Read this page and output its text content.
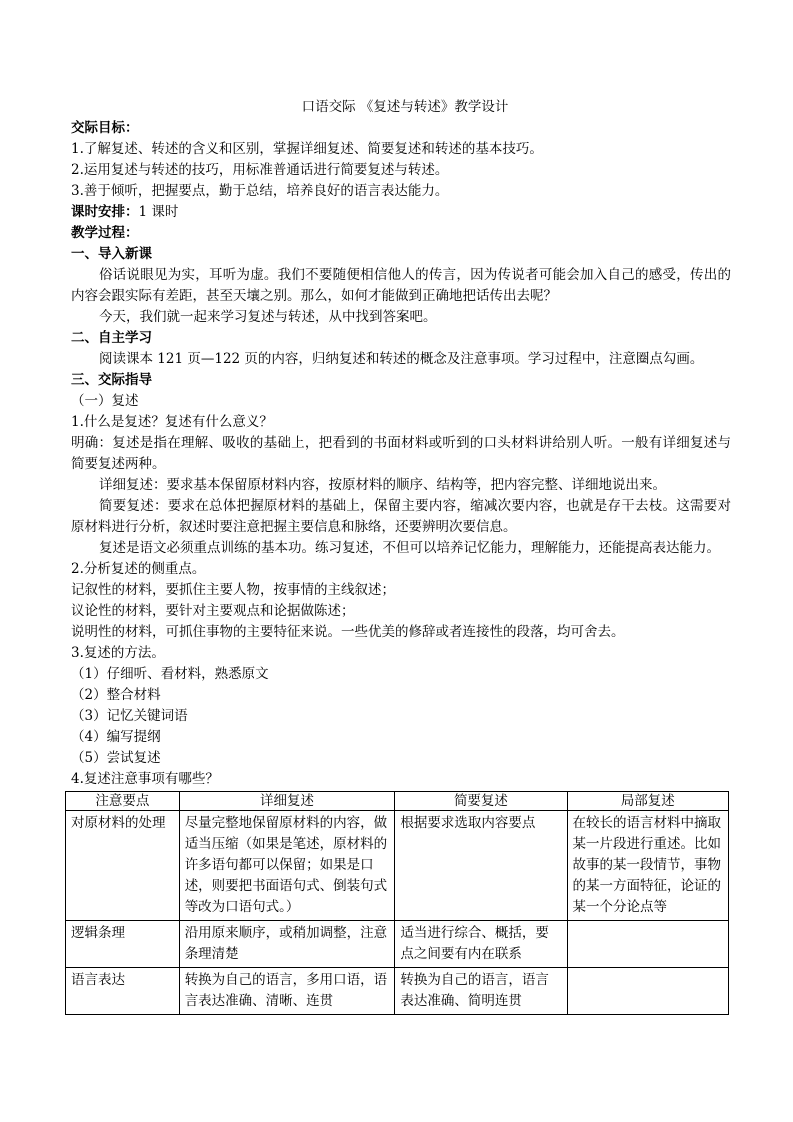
口语交际 《复述与转述》教学设计
交际目标：
1.了解复述、转述的含义和区别，掌握详细复述、简要复述和转述的基本技巧。
2.运用复述与转述的技巧，用标准普通话进行简要复述与转述。
3.善于倾听，把握要点，勤于总结，培养良好的语言表达能力。
课时安排：1 课时
教学过程：
一、导入新课
俗话说眼见为实，耳听为虚。我们不要随便相信他人的传言，因为传说者可能会加入自己的感受，传出的内容会跟实际有差距，甚至天壤之别。那么，如何才能做到正确地把话传出去呢？
今天，我们就一起来学习复述与转述，从中找到答案吧。
二、自主学习
阅读课本 121 页—122 页的内容，归纳复述和转述的概念及注意事项。学习过程中，注意圈点勾画。
三、交际指导
（一）复述
1.什么是复述？复述有什么意义？
明确：复述是指在理解、吸收的基础上，把看到的书面材料或听到的口头材料讲给别人听。一般有详细复述与简要复述两种。
详细复述：要求基本保留原材料内容，按原材料的顺序、结构等，把内容完整、详细地说出来。
简要复述：要求在总体把握原材料的基础上，保留主要内容，缩减次要内容，也就是存干去枝。这需要对原材料进行分析，叙述时要注意把握主要信息和脉络，还要辨明次要信息。
复述是语文必须重点训练的基本功。练习复述，不但可以培养记忆能力，理解能力，还能提高表达能力。
2.分析复述的侧重点。
记叙性的材料，要抓住主要人物，按事情的主线叙述；
议论性的材料，要针对主要观点和论据做陈述；
说明性的材料，可抓住事物的主要特征来说。一些优美的修辞或者连接性的段落，均可舍去。
3.复述的方法。
（1）仔细听、看材料，熟悉原文
（2）整合材料
（3）记忆关键词语
（4）编写提纲
（5）尝试复述
4.复述注意事项有哪些？
注意要点	详细复述	简要复述	局部复述
对原材料的处理	尽量完整地保留原材料的内容，做适当压缩（如果是笔述，原材料的许多语句都可以保留；如果是口述，则要把书面语句式、倒装句式等改为口语句式。）	根据要求选取内容要点	在较长的语言材料中摘取某一片段进行重述。比如故事的某一段情节，事物的某一方面特征，论证的某一个分论点等
逻辑条理	沿用原来顺序，或稍加调整，注意条理清楚	适当进行综合、概括，要点之间要有内在联系	
语言表达	转换为自己的语言，多用口语，语言表达准确、清晰、连贯	转换为自己的语言，语言表达准确、简明连贯	
